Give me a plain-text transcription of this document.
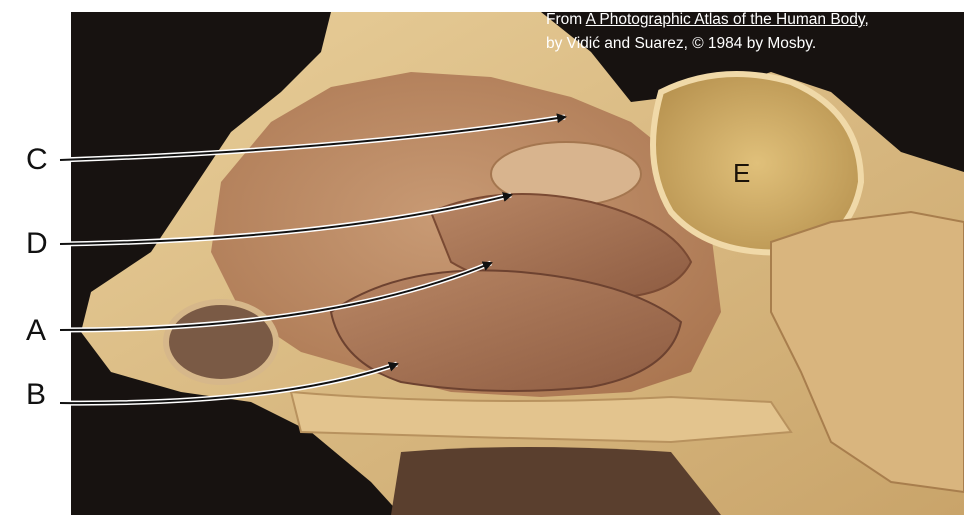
From A Photographic Atlas of the Human Body,
by Vidić and Suarez, © 1984 by Mosby.
C
D
A
B
E
